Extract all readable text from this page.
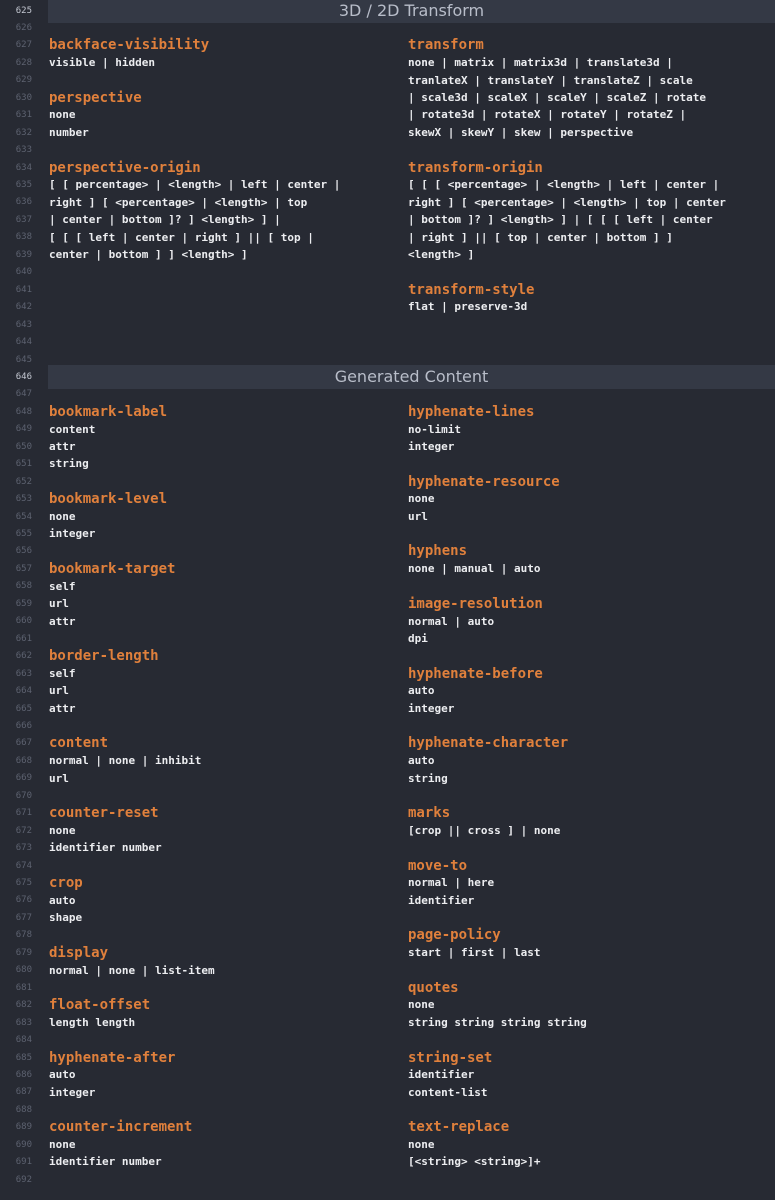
625
626
627
628
629
630
631
632
633
634
635
636
637
638
639
640
641
642
643
644
645
646
647
648
649
650
651
652
653
654
655
656
657
658
659
660
661
662
663
664
665
666
667
668
669
670
671
672
673
674
675
676
677
678
679
680
681
682
683
684
685
686
687
688
689
690
691
692
3D / 2D Transform
backface-visibility
visible | hidden
perspective
none
number
perspective-origin
[ [ percentage> | <length> | left | center |
right ] [ <percentage> | <length> | top
| center | bottom ]? ] <length> ] |
[ [ [ left | center | right ] || [ top |
center | bottom ] ] <length> ]
transform
none | matrix | matrix3d | translate3d |
tranlateX | translateY | translateZ | scale
| scale3d | scaleX | scaleY | scaleZ | rotate
| rotate3d | rotateX | rotateY | rotateZ |
skewX | skewY | skew | perspective
transform-origin
[ [ [ <percentage> | <length> | left | center |
right ] [ <percentage> | <length> | top | center
| bottom ]? ] <length> ] | [ [ [ left | center
| right ] || [ top | center | bottom ] ]
<length> ]
transform-style
flat | preserve-3d
Generated Content
bookmark-label
content
attr
string
bookmark-level
none
integer
bookmark-target
self
url
attr
border-length
self
url
attr
content
normal | none | inhibit
url
counter-reset
none
identifier number
crop
auto
shape
display
normal | none | list-item
float-offset
length length
hyphenate-after
auto
integer
counter-increment
none
identifier number
hyphenate-lines
no-limit
integer
hyphenate-resource
none
url
hyphens
none | manual | auto
image-resolution
normal | auto
dpi
hyphenate-before
auto
integer
hyphenate-character
auto
string
marks
[crop || cross ] | none
move-to
normal | here
identifier
page-policy
start | first | last
quotes
none
string string string string
string-set
identifier
content-list
text-replace
none
[<string> <string>]+
